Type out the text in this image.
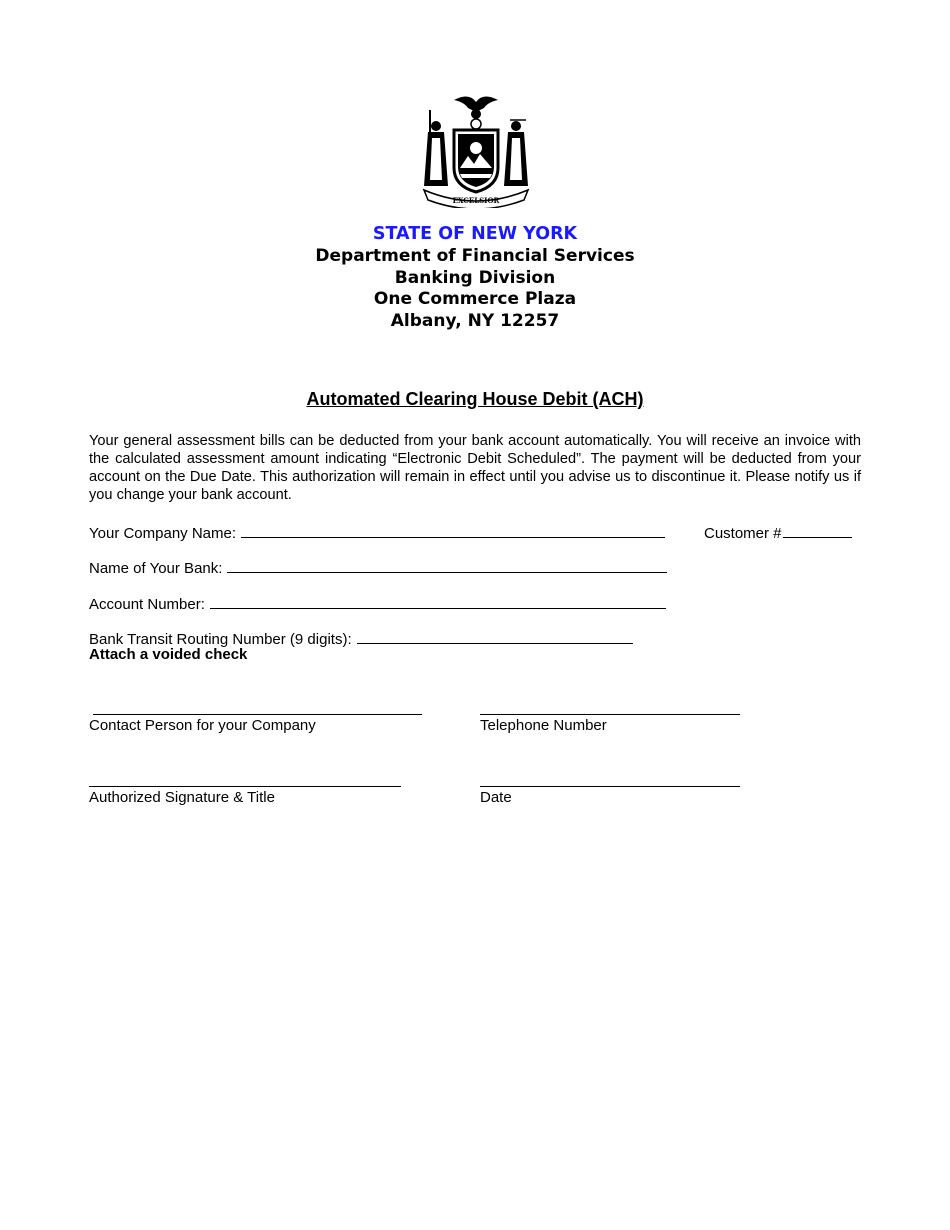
EXCELSIOR
STATE OF NEW YORK
Department of Financial Services
Banking Division
One Commerce Plaza
Albany, NY 12257
Automated Clearing House Debit (ACH)

Your general assessment bills can be deducted from your bank account automatically. You will receive an invoice with the calculated assessment amount indicating “Electronic Debit Scheduled”. The payment will be deducted from your account on the Due Date. This authorization will remain in effect until you advise us to discontinue it. Please notify us if you change your bank account.

Your Company Name:	Customer #
Name of Your Bank:
Account Number:
Bank Transit Routing Number (9 digits):
Attach a voided check
Contact Person for your Company	Telephone Number
Authorized Signature & Title	Date
